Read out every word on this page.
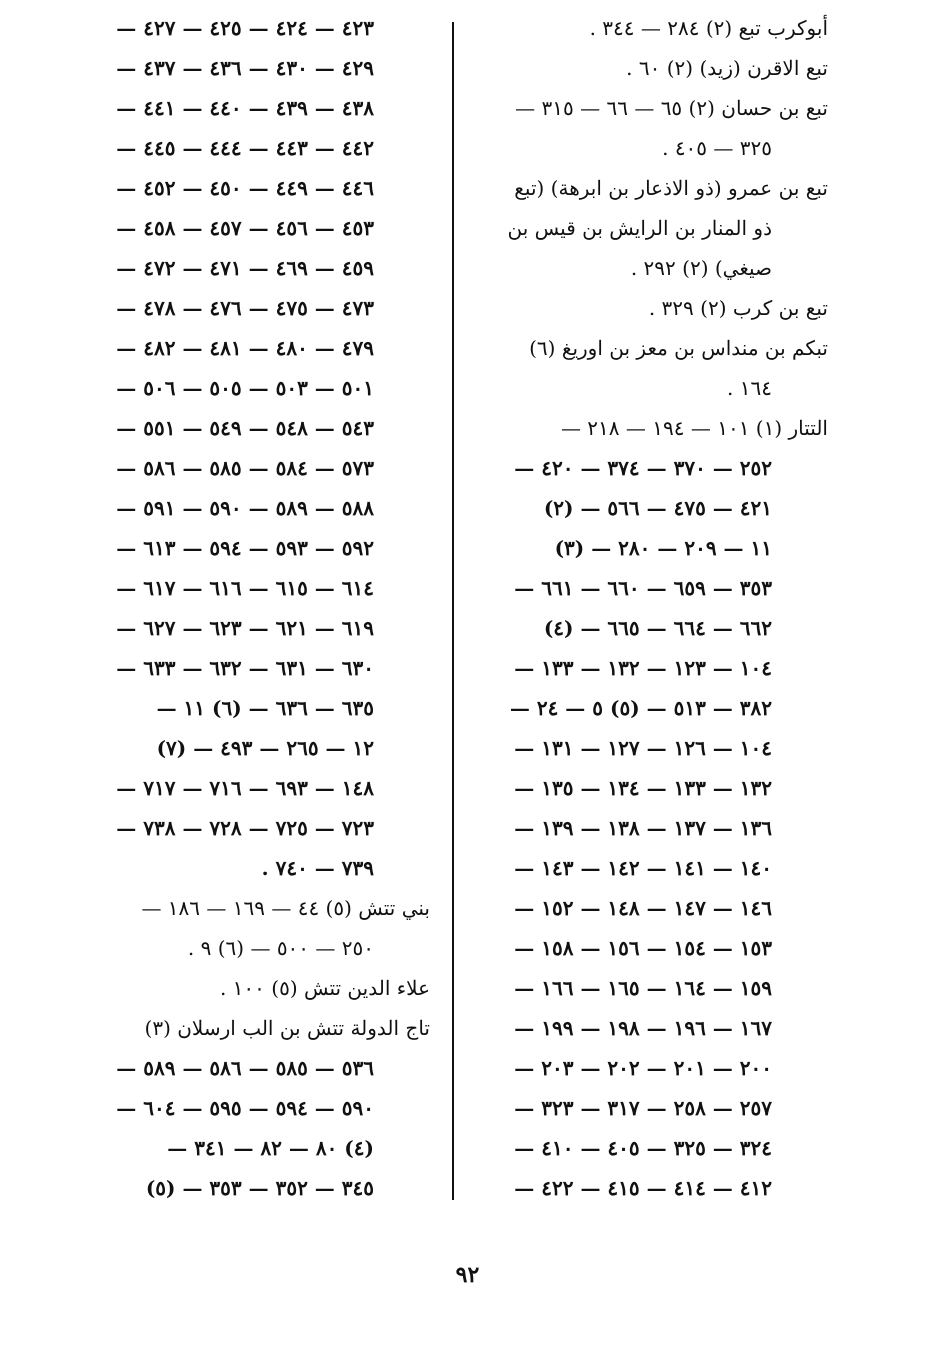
أبوكرب تبع (٢) ٢٨٤ — ٣٤٤ .
تبع الاقرن (زيد) (٢) ٦٠ .
تبع بن حسان (٢) ٦٥ — ٦٦ — ٣١٥ —
٣٢٥ — ٤٠٥ .
تبع بن عمرو (ذو الاذعار بن ابرهة) (تبع
ذو المنار بن الرايش بن قيس بن
صيغي) (٢) ٢٩٢ .
تبع بن كرب (٢) ٣٢٩ .
تبكم بن منداس بن معز بن اوريغ (٦)
١٦٤ .
التتار (١) ١٠١ — ١٩٤ — ٢١٨ —
٢٥٢ — ٣٧٠ — ٣٧٤ — ٤٢٠ —
٤٢١ — ٤٧٥ — ٥٦٦ — (٢)
١١ — ٢٠٩ — ٢٨٠ — (٣)
٣٥٣ — ٦٥٩ — ٦٦٠ — ٦٦١ —
٦٦٢ — ٦٦٤ — ٦٦٥ — (٤)
١٠٤ — ١٢٣ — ١٣٢ — ١٣٣ —
٣٨٢ — ٥١٣ — (٥) ٥ — ٢٤ —
١٠٤ — ١٢٦ — ١٢٧ — ١٣١ —
١٣٢ — ١٣٣ — ١٣٤ — ١٣٥ —
١٣٦ — ١٣٧ — ١٣٨ — ١٣٩ —
١٤٠ — ١٤١ — ١٤٢ — ١٤٣ —
١٤٦ — ١٤٧ — ١٤٨ — ١٥٢ —
١٥٣ — ١٥٤ — ١٥٦ — ١٥٨ —
١٥٩ — ١٦٤ — ١٦٥ — ١٦٦ —
١٦٧ — ١٩٦ — ١٩٨ — ١٩٩ —
٢٠٠ — ٢٠١ — ٢٠٢ — ٢٠٣ —
٢٥٧ — ٢٥٨ — ٣١٧ — ٣٢٣ —
٣٢٤ — ٣٢٥ — ٤٠٥ — ٤١٠ —
٤١٢ — ٤١٤ — ٤١٥ — ٤٢٢ —
٤٢٣ — ٤٢٤ — ٤٢٥ — ٤٢٧ —
٤٢٩ — ٤٣٠ — ٤٣٦ — ٤٣٧ —
٤٣٨ — ٤٣٩ — ٤٤٠ — ٤٤١ —
٤٤٢ — ٤٤٣ — ٤٤٤ — ٤٤٥ —
٤٤٦ — ٤٤٩ — ٤٥٠ — ٤٥٢ —
٤٥٣ — ٤٥٦ — ٤٥٧ — ٤٥٨ —
٤٥٩ — ٤٦٩ — ٤٧١ — ٤٧٢ —
٤٧٣ — ٤٧٥ — ٤٧٦ — ٤٧٨ —
٤٧٩ — ٤٨٠ — ٤٨١ — ٤٨٢ —
٥٠١ — ٥٠٣ — ٥٠٥ — ٥٠٦ —
٥٤٣ — ٥٤٨ — ٥٤٩ — ٥٥١ —
٥٧٣ — ٥٨٤ — ٥٨٥ — ٥٨٦ —
٥٨٨ — ٥٨٩ — ٥٩٠ — ٥٩١ —
٥٩٢ — ٥٩٣ — ٥٩٤ — ٦١٣ —
٦١٤ — ٦١٥ — ٦١٦ — ٦١٧ —
٦١٩ — ٦٢١ — ٦٢٣ — ٦٢٧ —
٦٣٠ — ٦٣١ — ٦٣٢ — ٦٣٣ —
٦٣٥ — ٦٣٦ — (٦) ١١ —
١٢ — ٢٦٥ — ٤٩٣ — (٧)
١٤٨ — ٦٩٣ — ٧١٦ — ٧١٧ —
٧٢٣ — ٧٢٥ — ٧٢٨ — ٧٣٨ —
٧٣٩ — ٧٤٠ .
بني تتش (٥) ٤٤ — ١٦٩ — ١٨٦ —
٢٥٠ — ٥٠٠ — (٦) ٩ .
علاء الدين تتش (٥) ١٠٠ .
تاج الدولة تتش بن الب ارسلان (٣)
٥٣٦ — ٥٨٥ — ٥٨٦ — ٥٨٩ —
٥٩٠ — ٥٩٤ — ٥٩٥ — ٦٠٤ —
(٤) ٨٠ — ٨٢ — ٣٤١ —
٣٤٥ — ٣٥٢ — ٣٥٣ — (٥)
٩٢
